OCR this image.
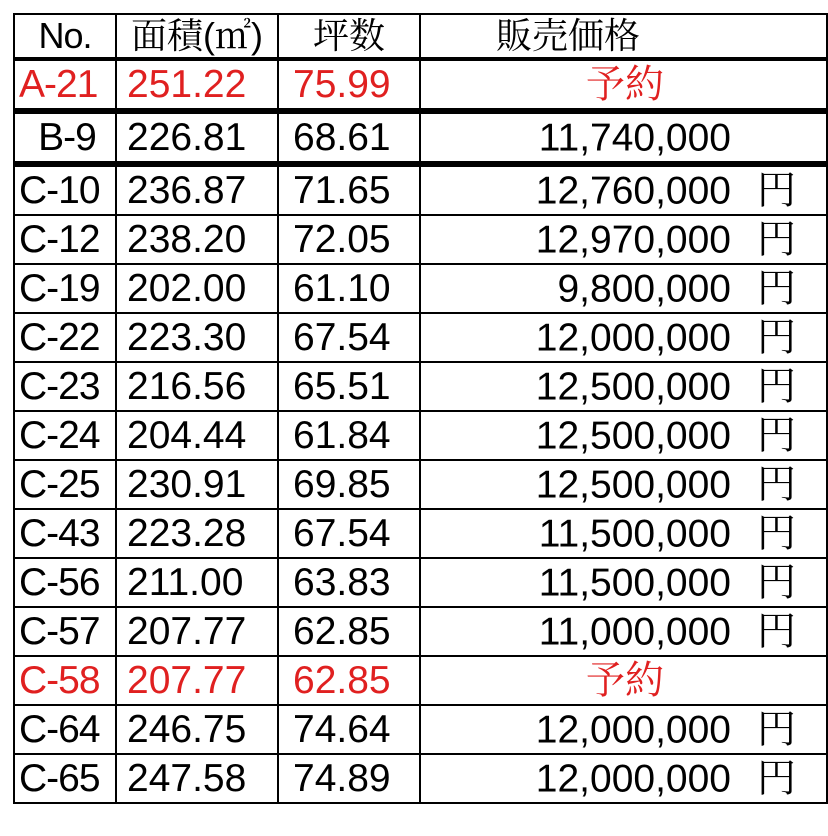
No.	面積(㎡)	坪数	販売価格
A-21	251.22	75.99	予約

B-9	226.81	68.61	11,740,000

C-10	236.87	71.65	12,760,000 円

C-12	238.20	72.05	12,970,000 円

C-19	202.00	61.10	9,800,000 円

C-22	223.30	67.54	12,000,000 円

C-23	216.56	65.51	12,500,000 円

C-24	204.44	61.84	12,500,000 円

C-25	230.91	69.85	12,500,000 円

C-43	223.28	67.54	11,500,000 円

C-56	211.00	63.83	11,500,000 円

C-57	207.77	62.85	11,000,000 円

C-58	207.77	62.85	予約

C-64	246.75	74.64	12,000,000 円

C-65	247.58	74.89	12,000,000 円
